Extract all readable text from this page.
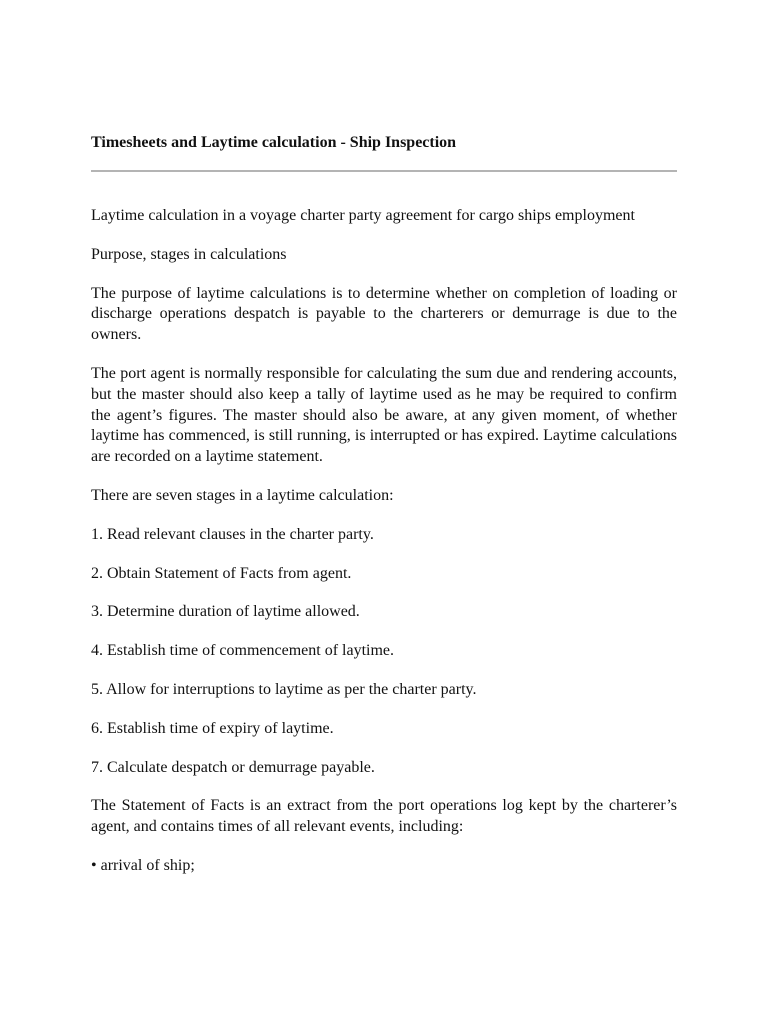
Timesheets and Laytime calculation - Ship Inspection

Laytime calculation in a voyage charter party agreement for cargo ships employment

Purpose, stages in calculations

The purpose of laytime calculations is to determine whether on completion of loading or discharge operations despatch is payable to the charterers or demurrage is due to the owners.

The port agent is normally responsible for calculating the sum due and rendering accounts, but the master should also keep a tally of laytime used as he may be required to confirm the agent’s figures. The master should also be aware, at any given moment, of whether laytime has commenced, is still running, is interrupted or has expired. Laytime calculations are recorded on a laytime statement.

There are seven stages in a laytime calculation:

1. Read relevant clauses in the charter party.

2. Obtain Statement of Facts from agent.

3. Determine duration of laytime allowed.

4. Establish time of commencement of laytime.

5. Allow for interruptions to laytime as per the charter party.

6. Establish time of expiry of laytime.

7. Calculate despatch or demurrage payable.

The Statement of Facts is an extract from the port operations log kept by the charterer’s agent, and contains times of all relevant events, including:

• arrival of ship;
